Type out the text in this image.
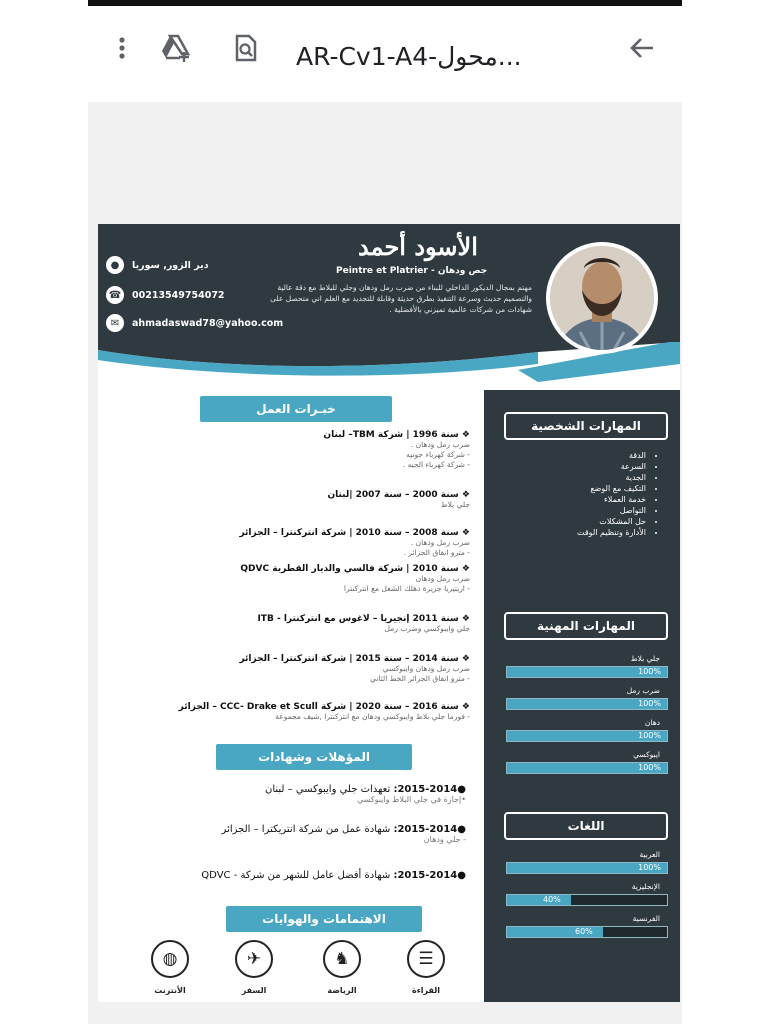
AR-Cv1-A4-محول...
الأسود أحمد
جص ودهان - Peintre et Platrier
مهتم بمجال الديكور الداخلي للبناء من ضرب رمل ودهان وجلي للبلاط مع دقة عالية والتصميم حديث وسرعة التنفيذ بطرق حديثة وقابلة للتجديد مع العلم اني متحصل على شهادات من شركات عالمية تميزني بالأفضلية .
●	دير الزور, سوريا
☎ 00213549754072
✉	ahmadaswad78@yahoo.com
خبـرات العمل
❖ سنة 1996 | شركة TBM– لبنان
ضرب رمل ودهان .
- شركة كهرباء جونيه
- شركة كهرباء الجيه .
❖ سنة 2000 – سنة 2007 |لبنان
جلي بلاط
❖ سنة 2008 – سنة 2010 | شركة انتركنترا – الجزائر
ضرب رمل ودهان .
- مترو انفاق الجزائر .
❖ سنة 2010 | شركة فالسي والديار القطرية QDVC
ضرب رمل ودهان
- اريتيريا جزيرة دهلك الشغل مع انتركنترا
❖ سنة 2011 إنجيريا – لاغوس مع انتركنترا - ITB
جلي وايبوكسي وضرب رمل
❖ سنة 2014 – سنة 2015 | شركة انتركنترا – الجزائر
ضرب رمل ودهان وايبوكسي
- مترو انفاق الجزائر الخط الثاني
❖ سنة 2016 – سنة 2020 | شركة CCC- Drake et Scull – الجزائر
- فورما جلي بلاط وايبوكسي ودهان مع انتركنترا ,شيف مجموعة
المؤهلات وشهادات
●2015-2014: تعهدات جلي وايبوكسي – لبنان
•إجازة في جلي البلاط وايبوكسي
●2015-2014: شهادة عمل من شركة انتريكترا – الجزائر
- جلي ودهان
●2015-2014: شهادة أفضل عامل للشهر من شركة - QDVC
الاهتمامات والهوايات
☰
القراءة
♞
الرياضة
✈
السفر
◍
الأنترنت
المهارات الشخصية
• الدقة
• السرعة
• الجدية
• التكيف مع الوضع
• خدمة العملاء
• التواصل
• حل المشكلات
• الأدارة وتنظيم الوقت
المهارات المهنية
جلي بلاط
100%
ضرب رمل
100%
دهان
100%
ايبوكسي
100%
اللغات
العربية
100%
الإنجليزية
40%
الفرنسية
60%
